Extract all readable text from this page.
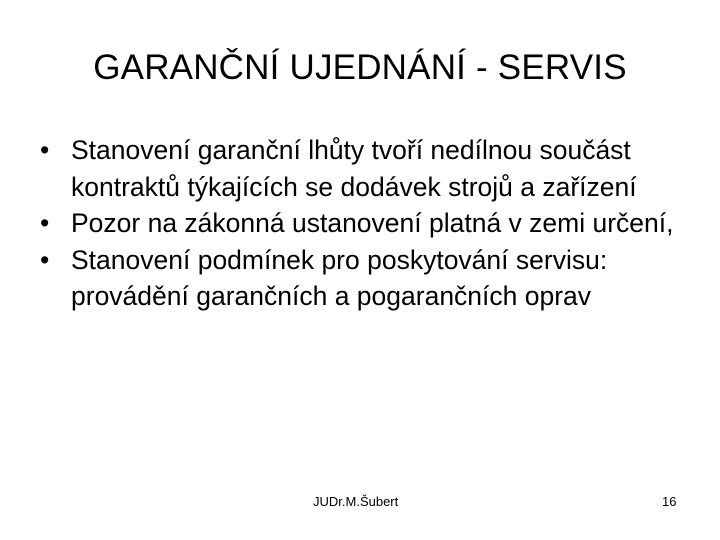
GARANČNÍ UJEDNÁNÍ - SERVIS
• Stanovení garanční lhůty tvoří nedílnou součást kontraktů týkajících se dodávek strojů a zařízení
• Pozor na zákonná ustanovení platná v zemi určení,
• Stanovení podmínek pro poskytování servisu: provádění garančních a pogarančních oprav
JUDr.M.Šubert	16
